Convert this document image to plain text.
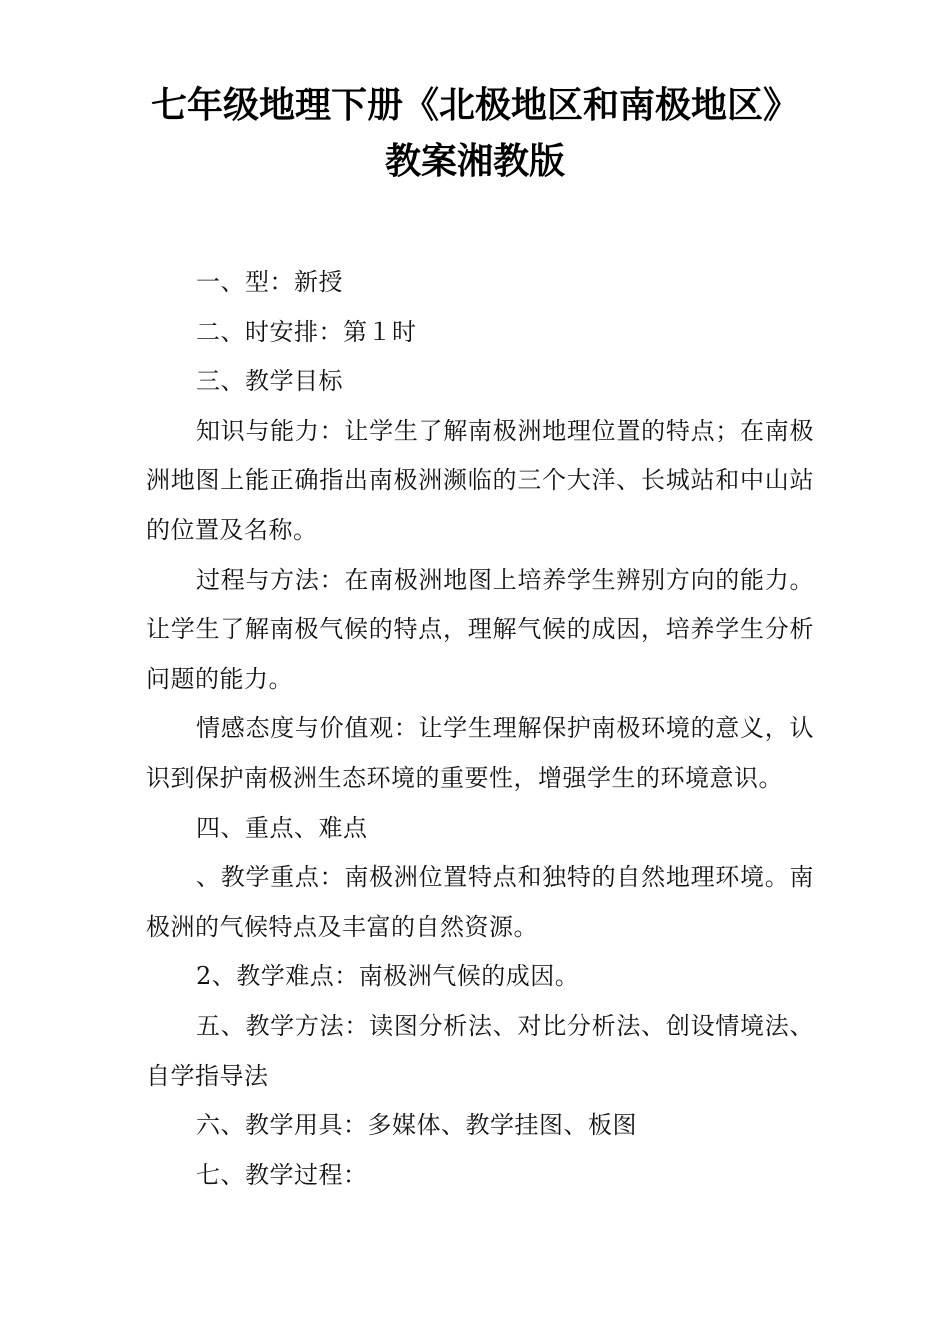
七年级地理下册《北极地区和南极地区》
教案湘教版

一、型：新授

二、时安排：第１时

三、教学目标

知识与能力：让学生了解南极洲地理位置的特点；在南极洲地图上能正确指出南极洲濒临的三个大洋、长城站和中山站的位置及名称。

过程与方法：在南极洲地图上培养学生辨别方向的能力。让学生了解南极气候的特点，理解气候的成因，培养学生分析问题的能力。

情感态度与价值观：让学生理解保护南极环境的意义，认识到保护南极洲生态环境的重要性，增强学生的环境意识。

四、重点、难点

、教学重点：南极洲位置特点和独特的自然地理环境。南极洲的气候特点及丰富的自然资源。

2、教学难点：南极洲气候的成因。

五、教学方法：读图分析法、对比分析法、创设情境法、自学指导法

六、教学用具：多媒体、教学挂图、板图

七、教学过程：
